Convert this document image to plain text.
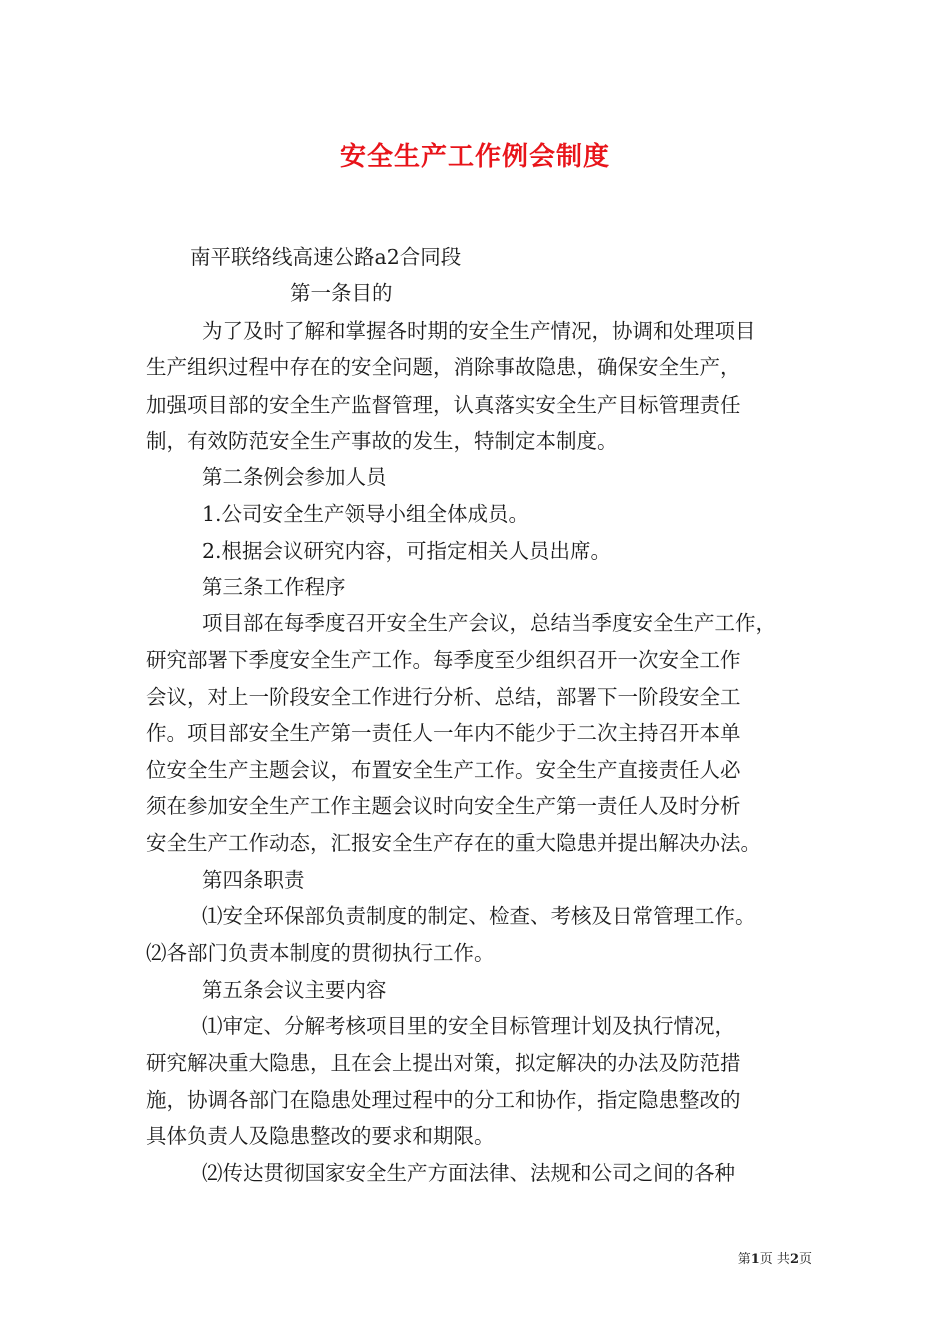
安全生产工作例会制度
南平联络线高速公路a2合同段
第一条目的
为了及时了解和掌握各时期的安全生产情况，协调和处理项目
生产组织过程中存在的安全问题，消除事故隐患，确保安全生产，
加强项目部的安全生产监督管理，认真落实安全生产目标管理责任
制，有效防范安全生产事故的发生，特制定本制度。
第二条例会参加人员
1.公司安全生产领导小组全体成员。
2.根据会议研究内容，可指定相关人员出席。
第三条工作程序
项目部在每季度召开安全生产会议，总结当季度安全生产工作，
研究部署下季度安全生产工作。每季度至少组织召开一次安全工作
会议，对上一阶段安全工作进行分析、总结，部署下一阶段安全工
作。项目部安全生产第一责任人一年内不能少于二次主持召开本单
位安全生产主题会议，布置安全生产工作。安全生产直接责任人必
须在参加安全生产工作主题会议时向安全生产第一责任人及时分析
安全生产工作动态，汇报安全生产存在的重大隐患并提出解决办法。
第四条职责
⑴安全环保部负责制度的制定、检查、考核及日常管理工作。
⑵各部门负责本制度的贯彻执行工作。
第五条会议主要内容
⑴审定、分解考核项目里的安全目标管理计划及执行情况，
研究解决重大隐患，且在会上提出对策，拟定解决的办法及防范措
施，协调各部门在隐患处理过程中的分工和协作，指定隐患整改的
具体负责人及隐患整改的要求和期限。
⑵传达贯彻国家安全生产方面法律、法规和公司之间的各种
第1页 共2页
